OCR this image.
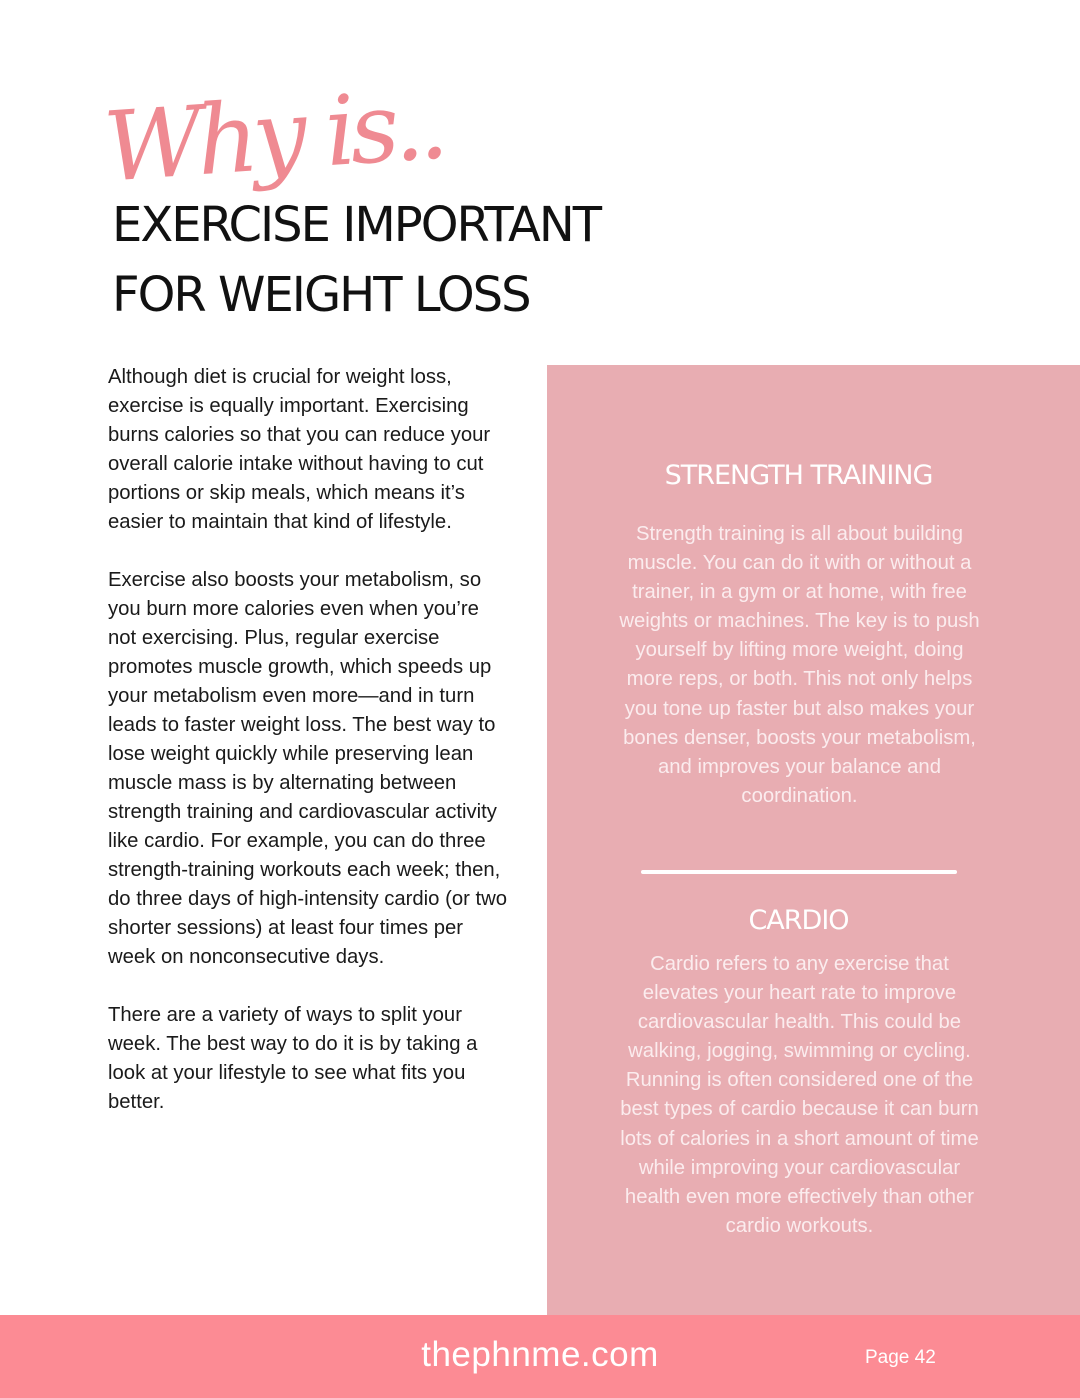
Why is..
EXERCISE IMPORTANT
FOR WEIGHT LOSS

Although diet is crucial for weight loss, exercise is equally important. Exercising burns calories so that you can reduce your overall calorie intake without having to cut portions or skip meals, which means it’s easier to maintain that kind of lifestyle.

Exercise also boosts your metabolism, so you burn more calories even when you’re not exercising. Plus, regular exercise promotes muscle growth, which speeds up your metabolism even more—and in turn leads to faster weight loss. The best way to lose weight quickly while preserving lean muscle mass is by alternating between strength training and cardiovascular activity like cardio. For example, you can do three strength-training workouts each week; then, do three days of high-intensity cardio (or two shorter sessions) at least four times per week on nonconsecutive days.

There are a variety of ways to split your week. The best way to do it is by taking a look at your lifestyle to see what fits you better.

STRENGTH TRAINING
Strength training is all about building muscle. You can do it with or without a trainer, in a gym or at home, with free weights or machines. The key is to push yourself by lifting more weight, doing more reps, or both. This not only helps you tone up faster but also makes your bones denser, boosts your metabolism, and improves your balance and coordination.
CARDIO
Cardio refers to any exercise that elevates your heart rate to improve cardiovascular health. This could be walking, jogging, swimming or cycling. Running is often considered one of the best types of cardio because it can burn lots of calories in a short amount of time while improving your cardiovascular health even more effectively than other cardio workouts.
thephnme.com	Page 42
